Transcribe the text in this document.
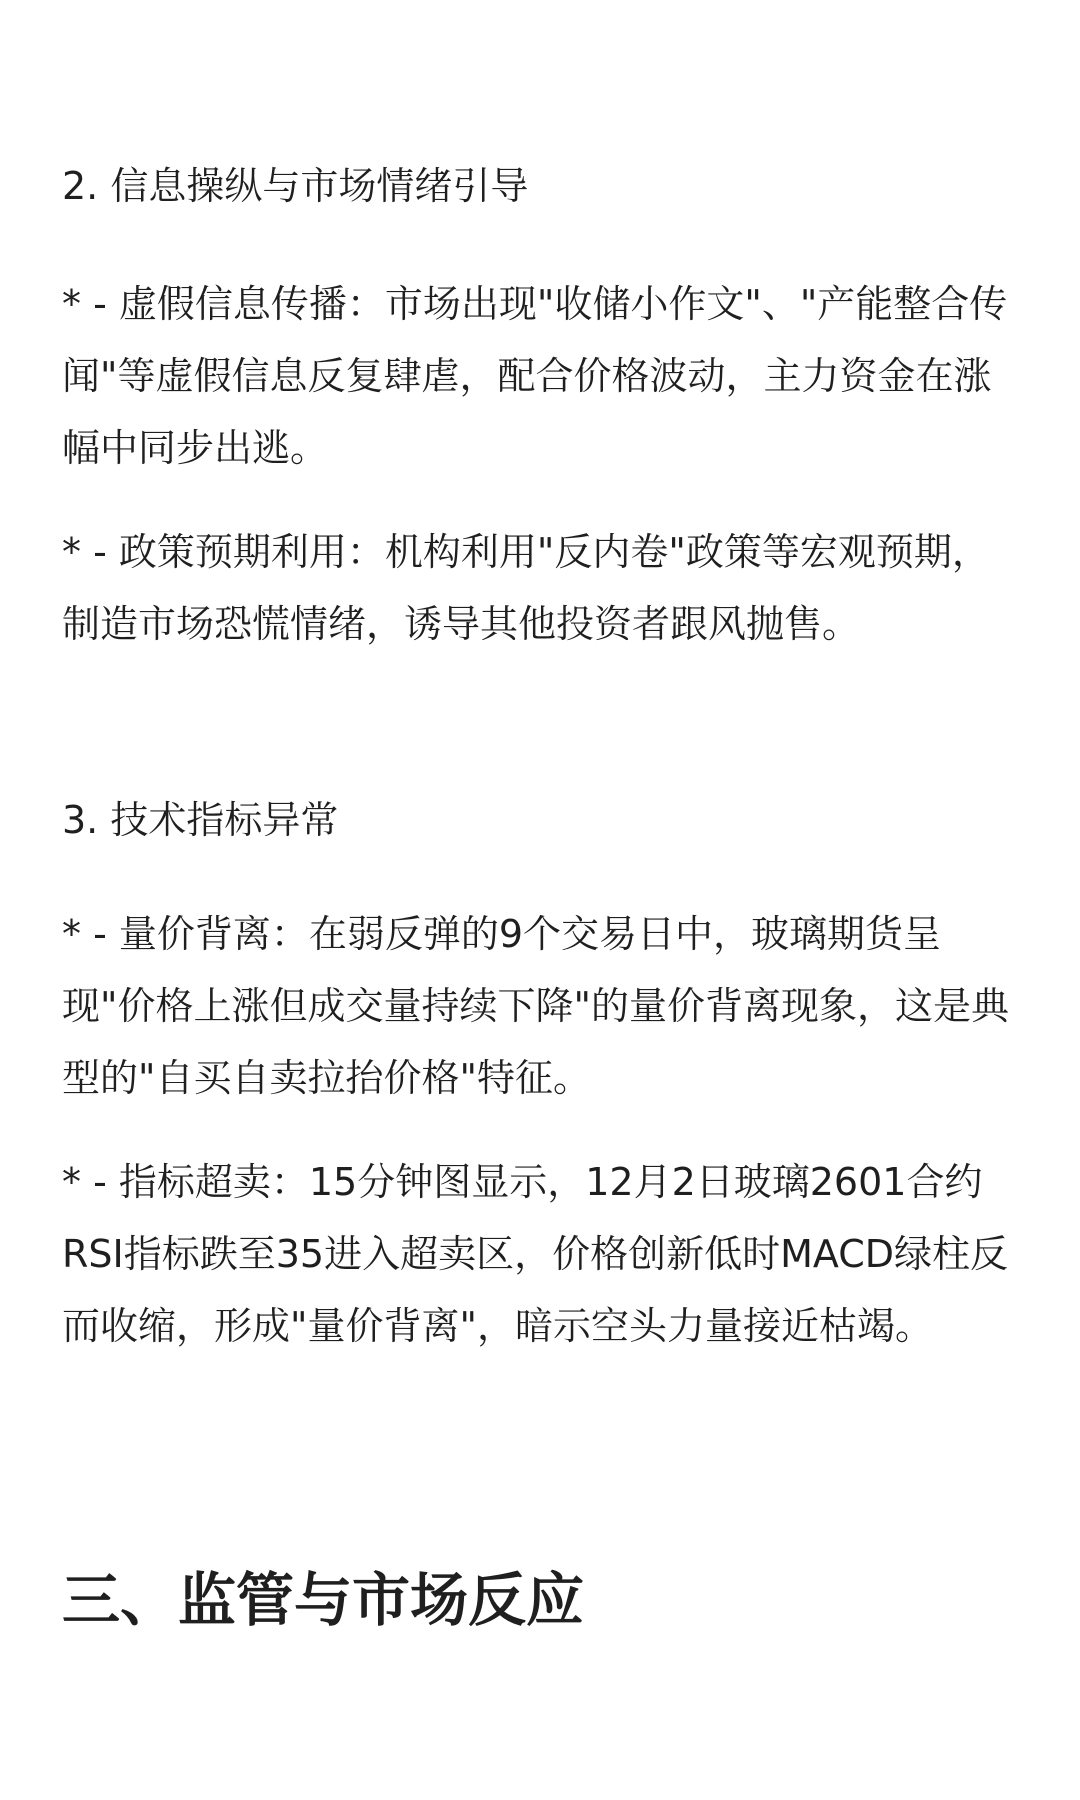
2. 信息操纵与市场情绪引导

* - 虚假信息传播：市场出现"收储小作文"、"产能整合传闻"等虚假信息反复肆虐，配合价格波动，主力资金在涨幅中同步出逃。

* - 政策预期利用：机构利用"反内卷"政策等宏观预期，制造市场恐慌情绪，诱导其他投资者跟风抛售。

3. 技术指标异常

* - 量价背离：在弱反弹的9个交易日中，玻璃期货呈现"价格上涨但成交量持续下降"的量价背离现象，这是典型的"自买自卖拉抬价格"特征。

* - 指标超卖：15分钟图显示，12月2日玻璃2601合约RSI指标跌至35进入超卖区，价格创新低时MACD绿柱反而收缩，形成"量价背离"，暗示空头力量接近枯竭。

三、监管与市场反应
